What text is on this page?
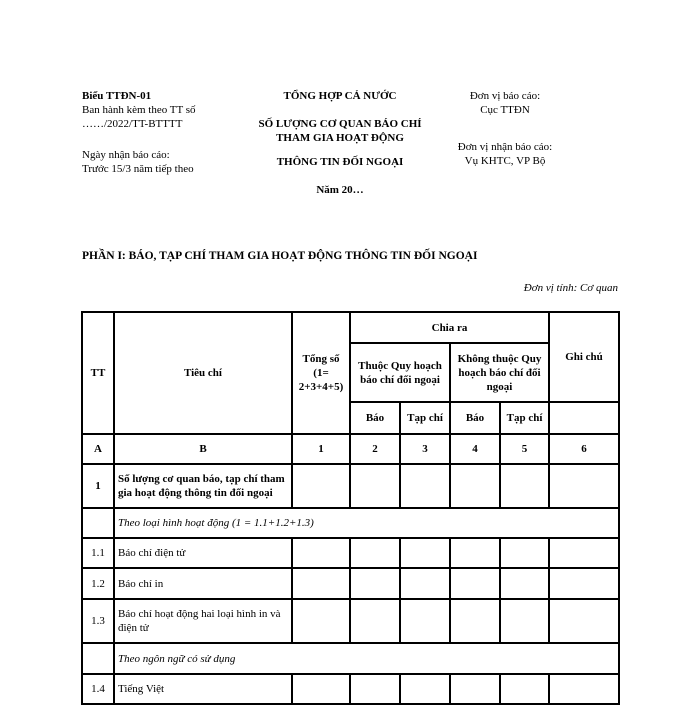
Biểu TTĐN-01
Ban hành kèm theo TT số
……/2022/TT-BTTTT
Ngày nhận báo cáo:
Trước 15/3 năm tiếp theo
TỔNG HỢP CẢ NƯỚC
SỐ LƯỢNG CƠ QUAN BÁO CHÍ
THAM GIA HOẠT ĐỘNG
THÔNG TIN ĐỐI NGOẠI
Năm 20…
Đơn vị báo cáo:
Cục TTĐN
Đơn vị nhận báo cáo:
Vụ KHTC, VP Bộ
PHẦN I: BÁO, TẠP CHÍ THAM GIA HOẠT ĐỘNG THÔNG TIN ĐỐI NGOẠI
Đơn vị tính: Cơ quan
TT	Tiêu chí	Tổng số (1= 2+3+4+5)	Chia ra				Ghi chú
			Thuộc Quy hoạch báo chí đối ngoại		Không thuộc Quy hoạch báo chí đối ngoại		
			Báo	Tạp chí	Báo	Tạp chí	
A	B	1	2	3	4	5	6
1	Số lượng cơ quan báo, tạp chí tham gia hoạt động thông tin đối ngoại						
	Theo loại hình hoạt động (1 = 1.1+1.2+1.3)						
1.1	Báo chí điện tử						
1.2	Báo chí in						
1.3	Báo chí hoạt động hai loại hình in và điện tử						
	Theo ngôn ngữ có sử dụng						
1.4	Tiếng Việt						
